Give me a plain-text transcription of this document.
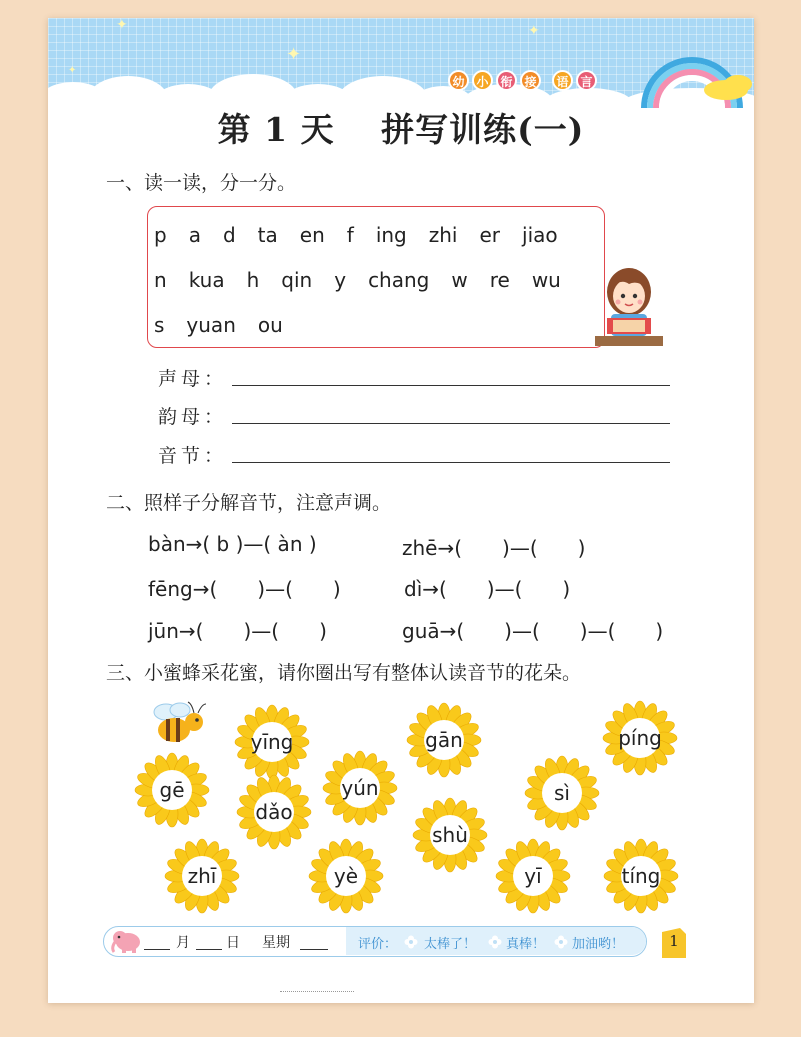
✦
✦
✦
✦
幼 小 衔 接	语 言
第 1 天　 拼写训练(一)
一、读一读，分一分。
p a d ta en f ing zhi er jiao
n kua h qin y chang w re wu
s yuan ou
声母：
韵母：
音节：
二、照样子分解音节，注意声调。
bàn→( b )—( àn )	zhē→(　　)—(　　)
fēng→(　　)—(　　)	dì→(　　)—(　　)
jūn→(　　)—(　　)	guā→(　　)—(　　)—(　　)
三、小蜜蜂采花蜜，请你圈出写有整体认读音节的花朵。
yīng	gān	píng
gē	yún	sì
dǎo
shù
zhī	yè	yī	tíng
月	日 星期	评价： 太棒了！ 真棒！ 加油哟！	1
